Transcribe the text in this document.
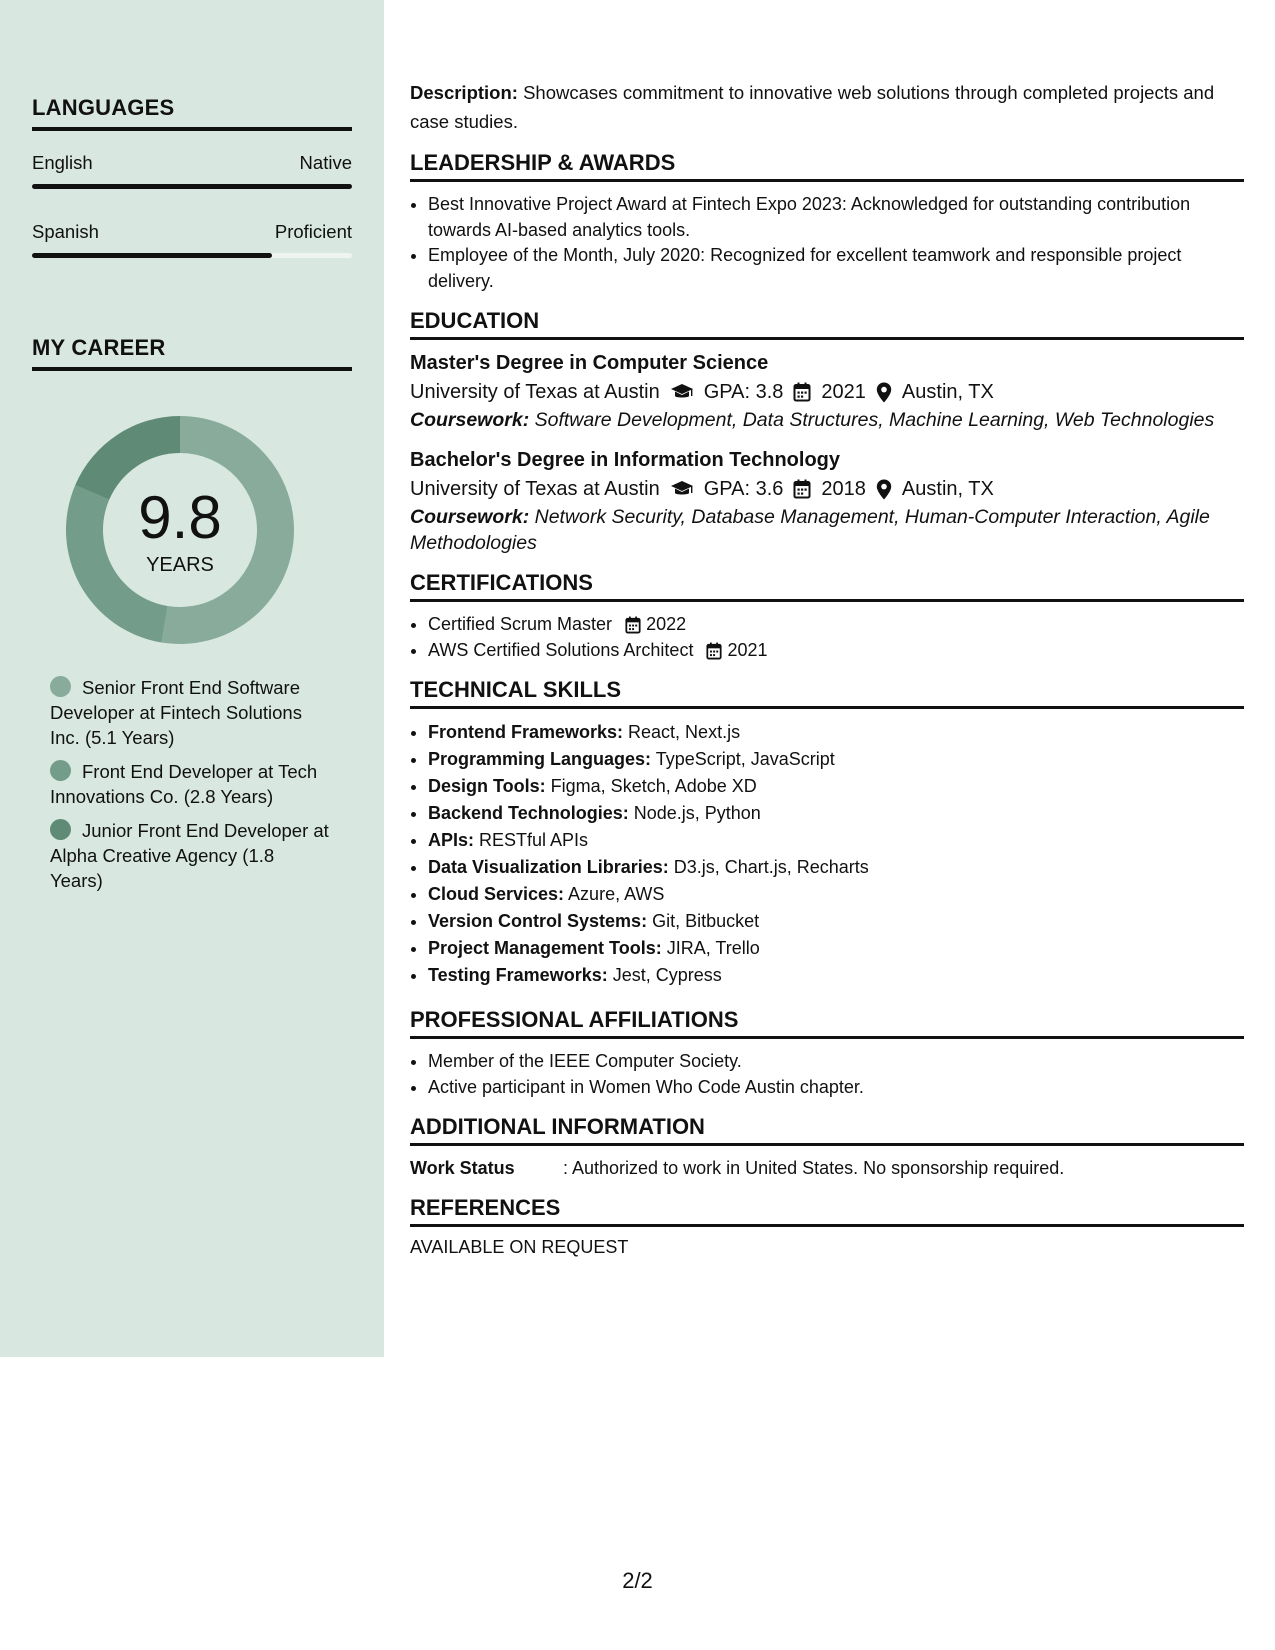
LANGUAGES
English	Native
Spanish	Proficient
MY CAREER
9.8
YEARS
Senior Front End Software Developer at Fintech Solutions Inc. (5.1 Years)
Front End Developer at Tech Innovations Co. (2.8 Years)
Junior Front End Developer at Alpha Creative Agency (1.8 Years)

Description: Showcases commitment to innovative web solutions through completed projects and case studies.

LEADERSHIP & AWARDS
• Best Innovative Project Award at Fintech Expo 2023: Acknowledged for outstanding contribution towards AI-based analytics tools.
• Employee of the Month, July 2020: Recognized for excellent teamwork and responsible project delivery.
EDUCATION
Master's Degree in Computer Science
University of Texas at Austin GPA: 3.8 2021 Austin, TX
Coursework: Software Development, Data Structures, Machine Learning, Web Technologies
Bachelor's Degree in Information Technology
University of Texas at Austin GPA: 3.6 2018 Austin, TX
Coursework: Network Security, Database Management, Human-Computer Interaction, Agile Methodologies
CERTIFICATIONS
• Certified Scrum Master 2022
• AWS Certified Solutions Architect 2021
TECHNICAL SKILLS
• Frontend Frameworks: React, Next.js
• Programming Languages: TypeScript, JavaScript
• Design Tools: Figma, Sketch, Adobe XD
• Backend Technologies: Node.js, Python
• APIs: RESTful APIs
• Data Visualization Libraries: D3.js, Chart.js, Recharts
• Cloud Services: Azure, AWS
• Version Control Systems: Git, Bitbucket
• Project Management Tools: JIRA, Trello
• Testing Frameworks: Jest, Cypress
PROFESSIONAL AFFILIATIONS
• Member of the IEEE Computer Society.
• Active participant in Women Who Code Austin chapter.
ADDITIONAL INFORMATION
Work Status	: Authorized to work in United States. No sponsorship required.
REFERENCES
AVAILABLE ON REQUEST
2/2
